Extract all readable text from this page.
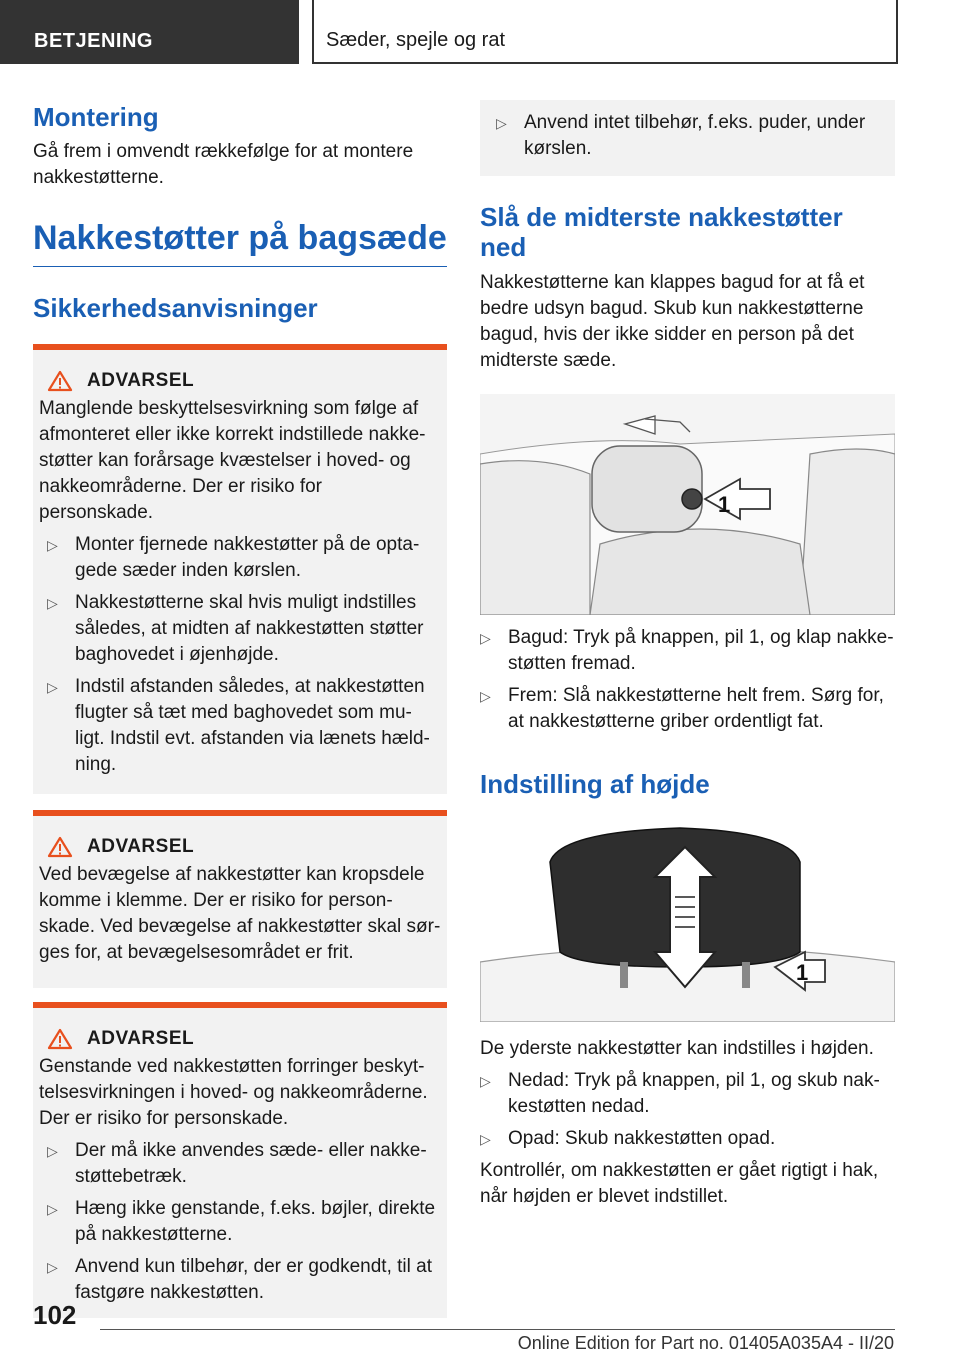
BETJENING	Sæder, spejle og rat
Montering

Gå frem i omvendt rækkefølge for at montere nakkestøtterne.

Nakkestøtter på bagsæde
Sikkerhedsanvisninger
ADVARSEL

Manglende beskyttelsesvirkning som følge af afmonteret eller ikke korrekt indstillede nakke-støtter kan forårsage kvæstelser i hoved- og nakkeområderne. Der er risiko for personskade.

▷ Monter fjernede nakkestøtter på de opta-gede sæder inden kørslen.
▷ Nakkestøtterne skal hvis muligt indstilles således, at midten af nakkestøtten støtter baghovedet i øjenhøjde.
▷ Indstil afstanden således, at nakkestøtten flugter så tæt med baghovedet som mu-ligt. Indstil evt. afstanden via lænets hæld-ning.
ADVARSEL

Ved bevægelse af nakkestøtter kan kropsdele komme i klemme. Der er risiko for person-skade. Ved bevægelse af nakkestøtter skal sør-ges for, at bevægelsesområdet er frit.

ADVARSEL

Genstande ved nakkestøtten forringer beskyt-telsesvirkningen i hoved- og nakkeområderne. Der er risiko for personskade.

▷ Der må ikke anvendes sæde- eller nakke-støttebetræk.
▷ Hæng ikke genstande, f.eks. bøjler, direkte på nakkestøtterne.
▷ Anvend kun tilbehør, der er godkendt, til at fastgøre nakkestøtten.
▷ Anvend intet tilbehør, f.eks. puder, under kørslen.
Slå de midterste nakkestøtter ned

Nakkestøtterne kan klappes bagud for at få et bedre udsyn bagud. Skub kun nakkestøtterne bagud, hvis der ikke sidder en person på det midterste sæde.

1
▷ Bagud: Tryk på knappen, pil 1, og klap nakke-støtten fremad.
▷ Frem: Slå nakkestøtterne helt frem. Sørg for, at nakkestøtterne griber ordentligt fat.
Indstilling af højde
1

De yderste nakkestøtter kan indstilles i højden.

▷ Nedad: Tryk på knappen, pil 1, og skub nak-kestøtten nedad.
▷ Opad: Skub nakkestøtten opad.

Kontrollér, om nakkestøtten er gået rigtigt i hak, når højden er blevet indstillet.

102
Online Edition for Part no. 01405A035A4 - II/20
